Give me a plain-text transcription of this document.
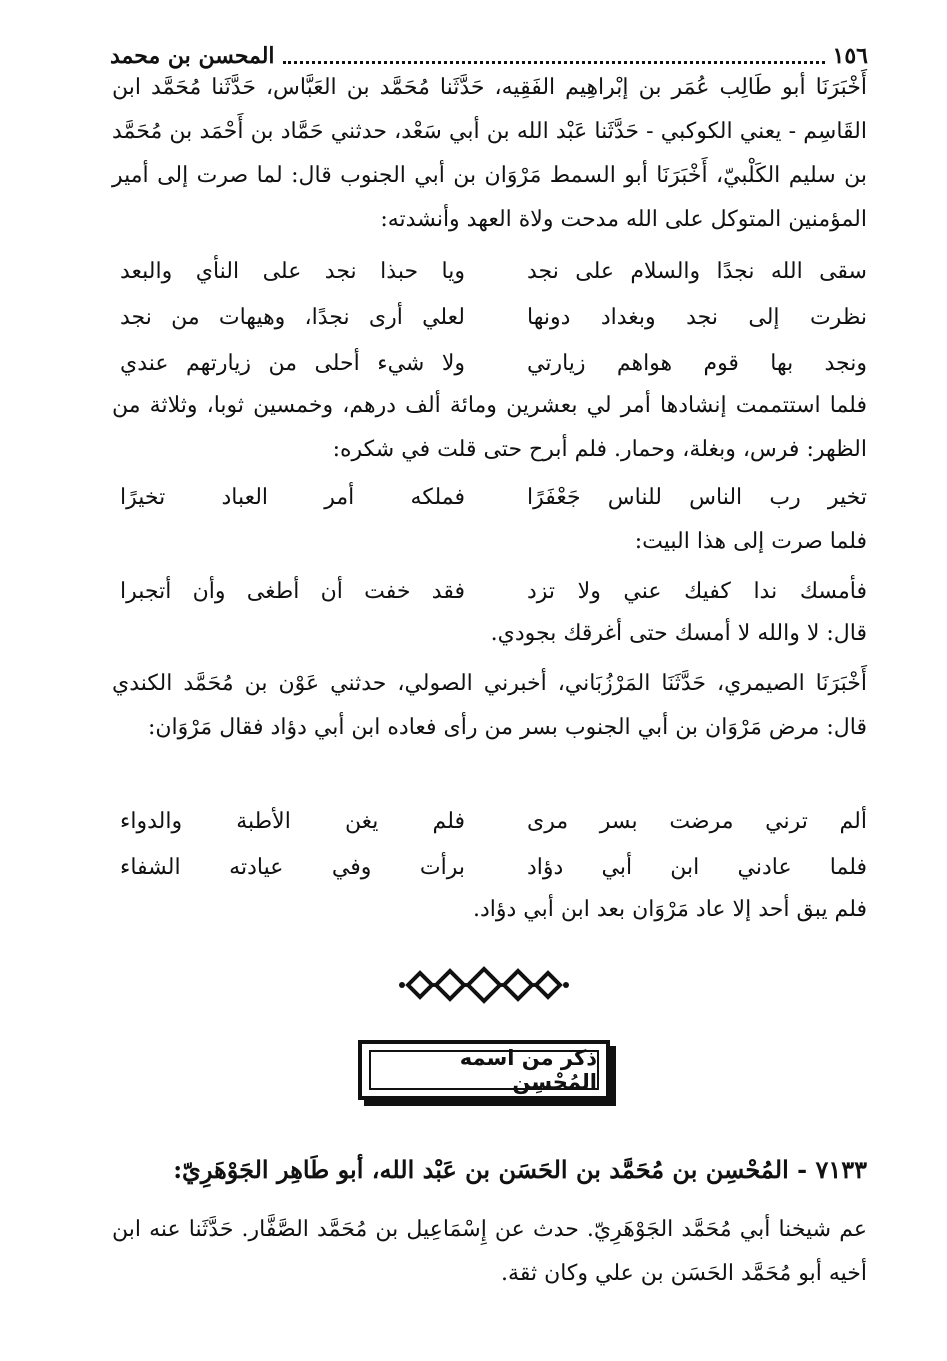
١٥٦
المحسن بن محمد

أَخْبَرَنَا أبو طَالِب عُمَر بن إبْراهِيم الفَقِيه، حَدَّثَنا مُحَمَّد بن العَبَّاس، حَدَّثَنا مُحَمَّد ابن القَاسِم - يعني الكوكبي - حَدَّثَنا عَبْد الله بن أبي سَعْد، حدثني حَمَّاد بن أَحْمَد بن مُحَمَّد بن سليم الكَلْبيّ، أَخْبَرَنَا أبو السمط مَرْوَان بن أبي الجنوب قال: لما صرت إلى أمير المؤمنين المتوكل على الله مدحت ولاة العهد وأنشدته:

سقى الله نجدًا والسلام على نجد
ويا حبذا نجد على النأي والبعد
نظرت إلى نجد وبغداد دونها
لعلي أرى نجدًا، وهيهات من نجد
ونجد بها قوم هواهم زيارتي
ولا شيء أحلى من زيارتهم عندي

فلما استتممت إنشادها أمر لي بعشرين ومائة ألف درهم، وخمسين ثوبا، وثلاثة من الظهر: فرس، وبغلة، وحمار. فلم أبرح حتى قلت في شكره:

تخير رب الناس للناس جَعْفَرًا
فملكه أمر العباد تخيرًا

فلما صرت إلى هذا البيت:

فأمسك ندا كفيك عني ولا تزد
فقد خفت أن أطغى وأن أتجبرا

قال: لا والله لا أمسك حتى أغرقك بجودي.

أَخْبَرَنَا الصيمري، حَدَّثَنَا المَرْزُبَاني، أخبرني الصولي، حدثني عَوْن بن مُحَمَّد الكندي قال: مرض مَرْوَان بن أبي الجنوب بسر من رأى فعاده ابن أبي دؤاد فقال مَرْوَان:

ألم ترني مرضت بسر مرى
فلم يغن الأطبة والدواء
فلما عادني ابن أبي دؤاد
برأت وفي عيادته الشفاء

فلم يبق أحد إلا عاد مَرْوَان بعد ابن أبي دؤاد.

ذكر من اسمه المُحْسِن
٧١٣٣ - المُحْسِن بن مُحَمَّد بن الحَسَن بن عَبْد الله، أبو طَاهِر الجَوْهَرِيّ:

عم شيخنا أبي مُحَمَّد الجَوْهَرِيّ. حدث عن إِسْمَاعِيل بن مُحَمَّد الصَّفَّار. حَدَّثَنا عنه ابن أخيه أبو مُحَمَّد الحَسَن بن علي وكان ثقة.
